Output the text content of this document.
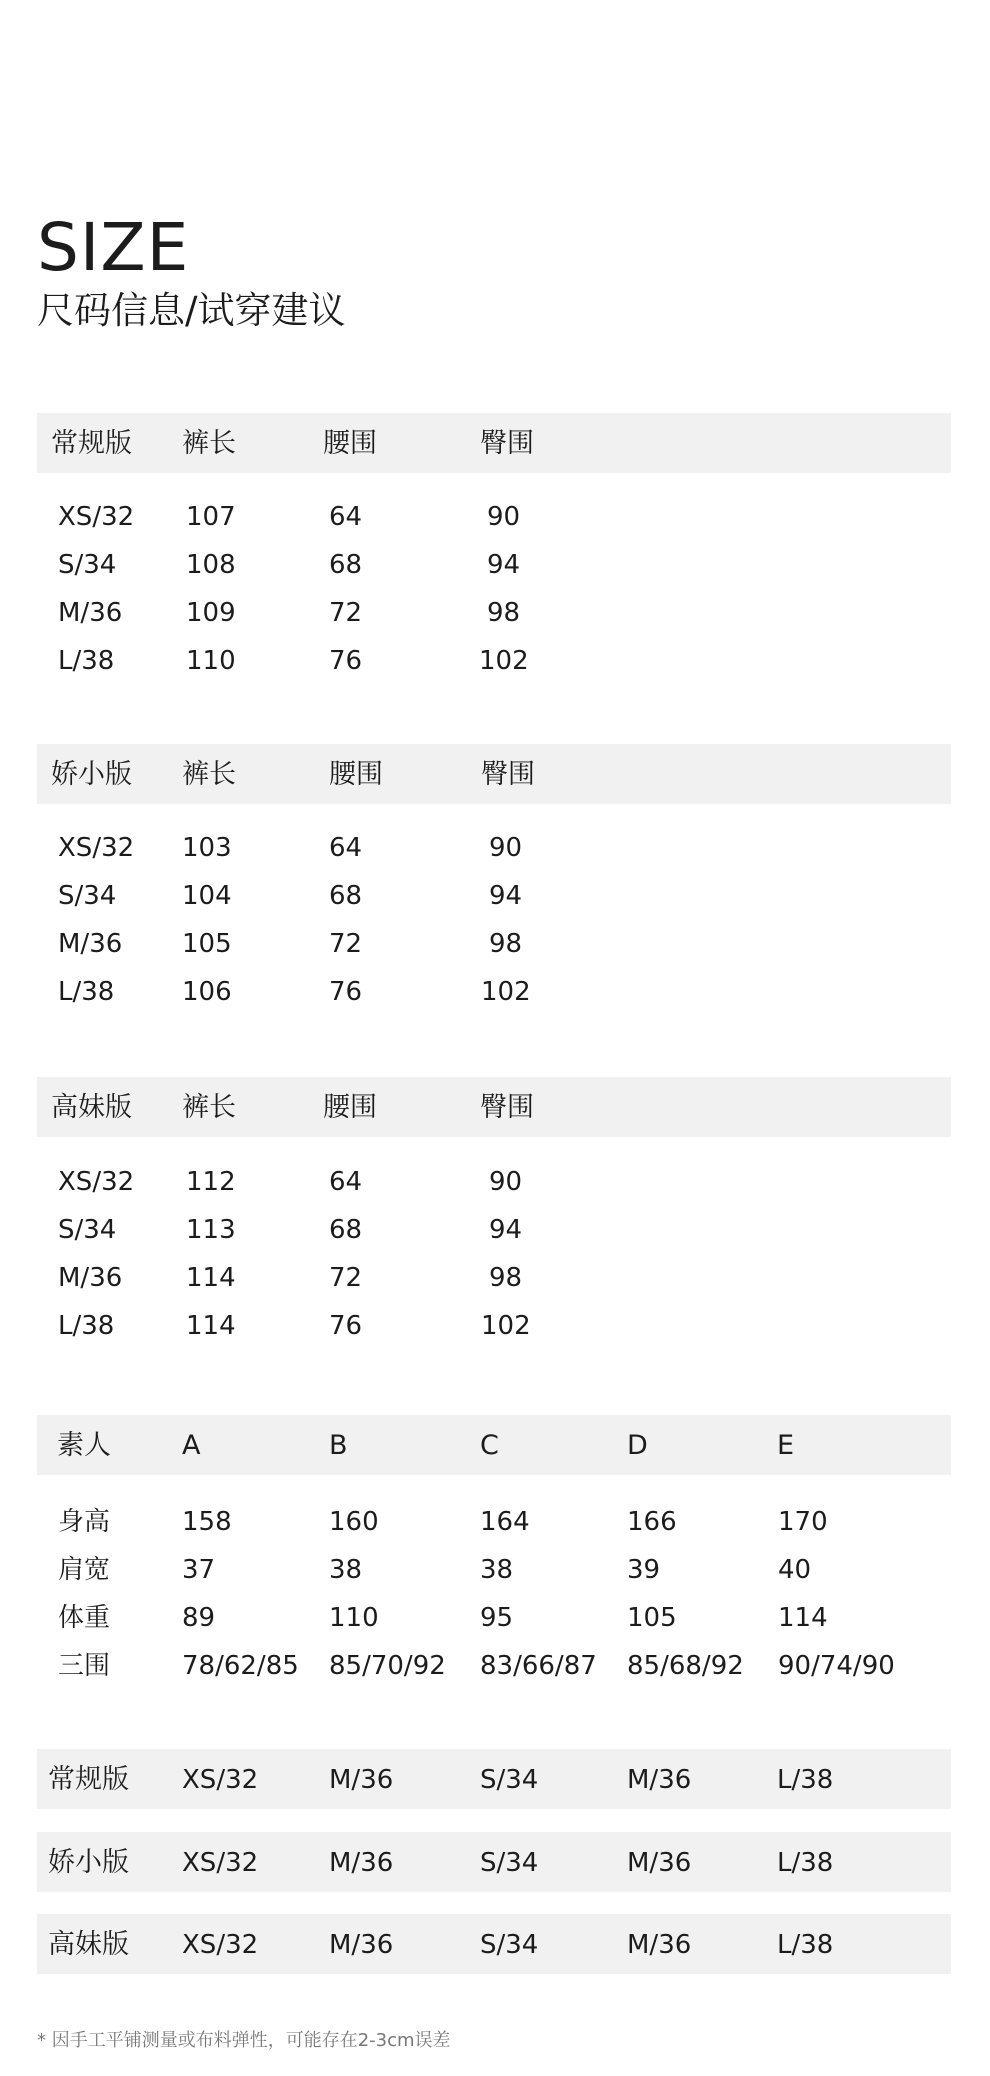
SIZE
尺码信息/试穿建议
常规版 裤长	腰围	臀围
XS/32 107	64	90
S/34	108	68	94
M/36 109	72	98
L/38	110	76	102
娇小版 裤长	腰围	臀围
XS/32 103	64	90
S/34	104	68	94
M/36 105	72	98
L/38	106	76	102
高妹版 裤长	腰围	臀围
XS/32 112	64	90
S/34	113	68	94
M/36 114	72	98
L/38	114	76	102
素人	A	B	C	D	E
身高	158	160	164	166	170
肩宽	37	38	38	39	40
体重	89	110	95	105	114
三围	78/62/85 85/70/92 83/66/87 85/68/92 90/74/90
常规版 XS/32	M/36	S/34	M/36	L/38
娇小版 XS/32	M/36	S/34	M/36	L/38
高妹版 XS/32	M/36	S/34	M/36	L/38
* 因手工平铺测量或布料弹性，可能存在2-3cm误差
